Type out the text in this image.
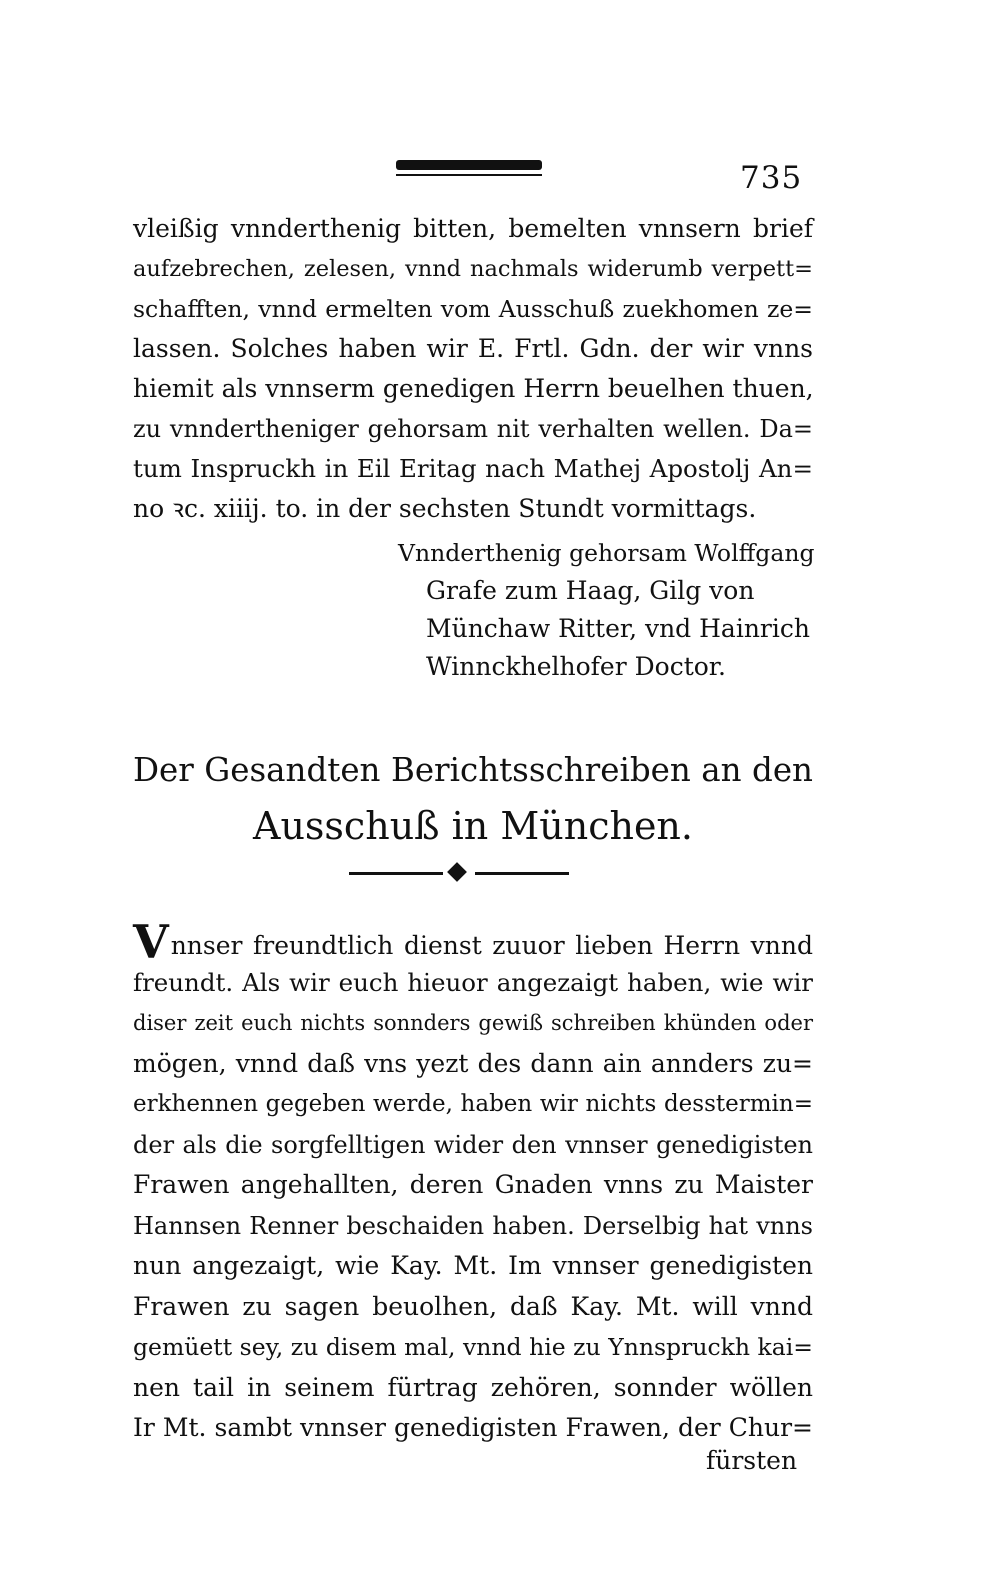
735
vleißig vnnderthenig bitten, bemelten vnnsern brief
aufzebrechen, zelesen, vnnd nachmals widerumb verpett=
schafften, vnnd ermelten vom Ausschuß zuekhomen ze=
lassen. Solches haben wir E. Frtl. Gdn. der wir vnns
hiemit als vnnserm genedigen Herrn beuelhen thuen,
zu vnndertheniger gehorsam nit verhalten wellen. Da=
tum Inspruckh in Eil Eritag nach Mathej Apostolj An=
no ꝛc. xiiij. to. in der sechsten Stundt vormittags.
Vnnderthenig gehorsam Wolffgang
Grafe zum Haag, Gilg von
Münchaw Ritter, vnd Hainrich
Winnckhelhofer Doctor.
Der Gesandten Berichtsschreiben an den
Ausschuß in München.
Vnnser freundtlich dienst zuuor lieben Herrn vnnd
freundt. Als wir euch hieuor angezaigt haben, wie wir
diser zeit euch nichts sonnders gewiß schreiben khünden oder
mögen, vnnd daß vns yezt des dann ain annders zu=
erkhennen gegeben werde, haben wir nichts desstermin=
der als die sorgfelltigen wider den vnnser genedigisten
Frawen angehallten, deren Gnaden vnns zu Maister
Hannsen Renner beschaiden haben. Derselbig hat vnns
nun angezaigt, wie Kay. Mt. Im vnnser genedigisten
Frawen zu sagen beuolhen, daß Kay. Mt. will vnnd
gemüett sey, zu disem mal, vnnd hie zu Ynnspruckh kai=
nen tail in seinem fürtrag zehören, sonnder wöllen
Ir Mt. sambt vnnser genedigisten Frawen, der Chur=
fürsten
